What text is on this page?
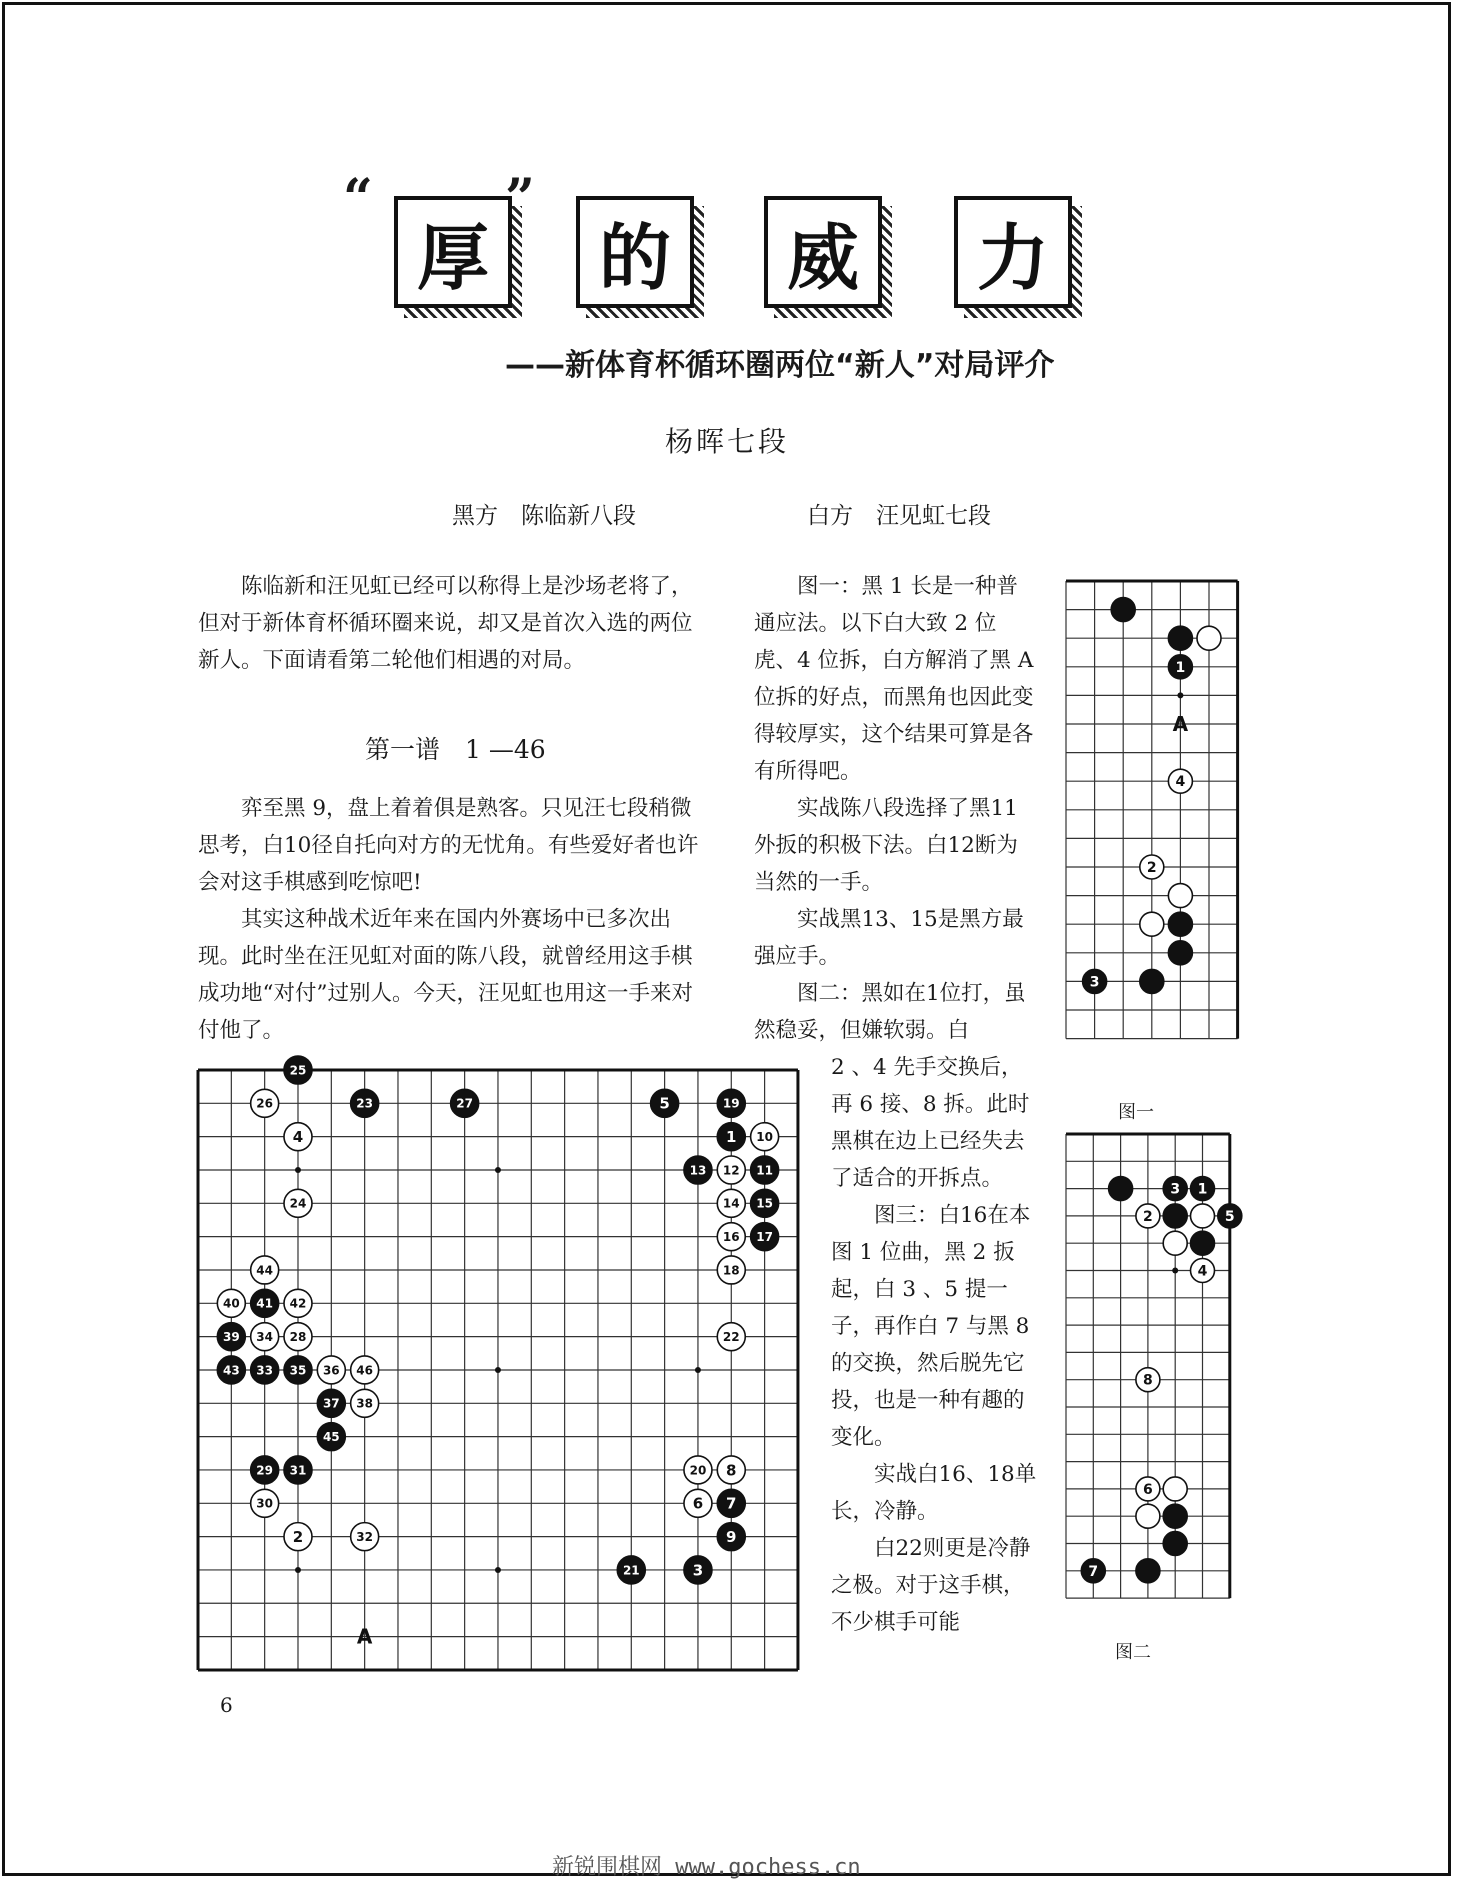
“
厚
”
的	威	力
——新体育杯循环圈两位“新人”对局评介
杨晖七段
黑方　陈临新八段	白方　汪见虹七段

陈临新和汪见虹已经可以称得上是沙场老将了，但对于新体育杯循环圈来说，却又是首次入选的两位新人。下面请看第二轮他们相遇的对局。

第一谱　1 —46

弈至黑 9，盘上着着俱是熟客。只见汪七段稍微思考，白10径自托向对方的无忧角。有些爱好者也许会对这手棋感到吃惊吧!

其实这种战术近年来在国内外赛场中已多次出现。此时坐在汪见虹对面的陈八段，就曾经用这手棋成功地“对付”过别人。今天，汪见虹也用这一手来对付他了。

图一：黑 1 长是一种普通应法。以下白大致 2 位虎、4 位拆，白方解消了黑 A 位拆的好点，而黑角也因此变得较厚实，这个结果可算是各有所得吧。

实战陈八段选择了黑11外扳的积极下法。白12断为当然的一手。

实战黑13、15是黑方最强应手。

图二：黑如在1位打，虽然稳妥，但嫌软弱。白

2 、4 先手交换后，再 6 接、8 拆。此时黑棋在边上已经失去了适合的开拆点。

图三：白16在本图 1 位曲，黑 2 扳起，白 3 、5 提一子，再作白 7 与黑 8 的交换，然后脱先它投，也是一种有趣的变化。

实战白16、18单长，冷静。

白22则更是冷静之极。对于这手棋，不少棋手可能

A
25
26	23	27	5	19
4	1 10
13 12 11
24	14 15
16 17
44	18
40 41 42
39 34 28	22
43 33 35 36 46
37 38
45
29 31	20 8
30	6 7
2	32	9
21	3
A
1
4
2
3
图一
3 1
2	5
4
8
6
7
图二
6
新锐围棋网 www.gochess.cn
